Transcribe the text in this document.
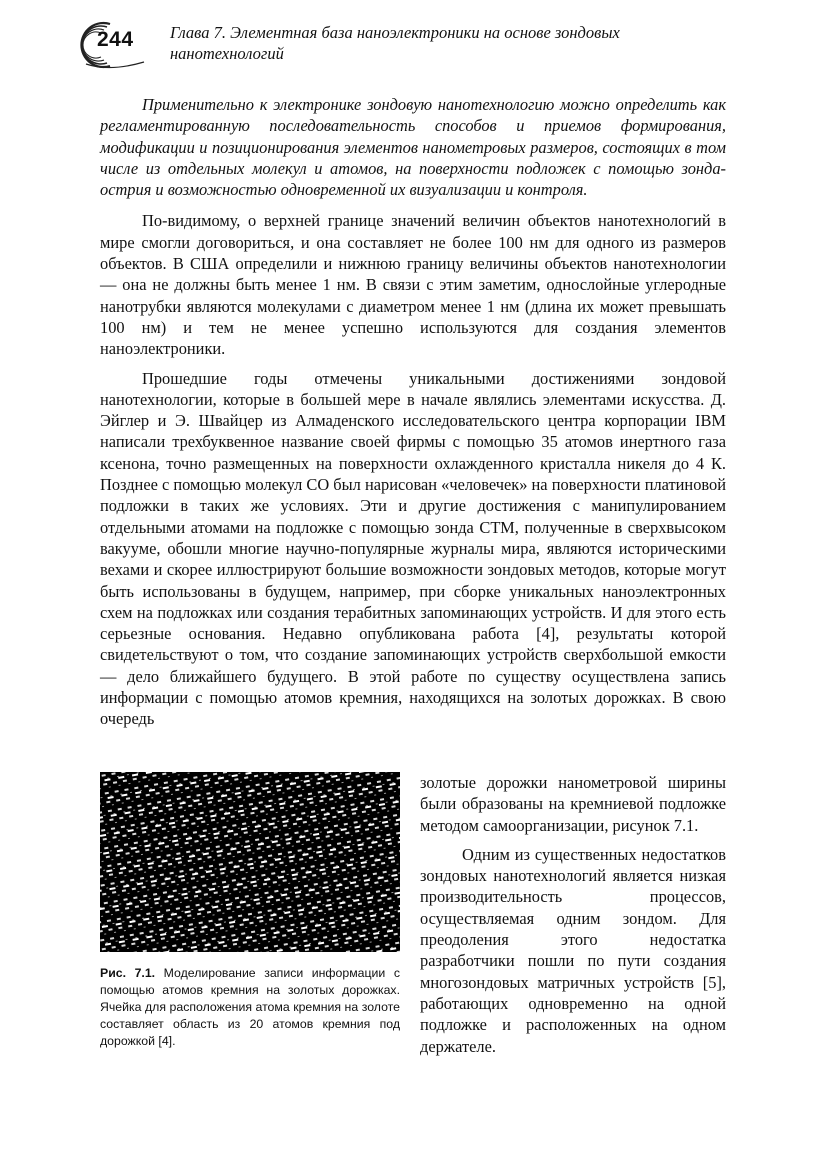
244 Глава 7. Элементная база наноэлектроники на основе зондовых нанотехнологий

Применительно к электронике зондовую нанотехнологию можно определить как регламентированную последовательность способов и приемов формирования, модификации и позиционирования элементов нанометровых размеров, состоящих в том числе из отдельных молекул и атомов, на поверхности подложек с помощью зонда-острия и возможностью одновременной их визуализации и контроля.

По-видимому, о верхней границе значений величин объектов нанотехнологий в мире смогли договориться, и она составляет не более 100 нм для одного из размеров объектов. В США определили и нижнюю границу величины объектов нанотехнологии — она не должны быть менее 1 нм. В связи с этим заметим, однослойные углеродные нанотрубки являются молекулами с диаметром менее 1 нм (длина их может превышать 100 нм) и тем не менее успешно используются для создания элементов наноэлектроники.

Прошедшие годы отмечены уникальными достижениями зондовой нанотехнологии, которые в большей мере в начале являлись элементами искусства. Д. Эйглер и Э. Швайцер из Алмаденского исследовательского центра корпорации IBM написали трехбуквенное название своей фирмы с помощью 35 атомов инертного газа ксенона, точно размещенных на поверхности охлажденного кристалла никеля до 4 К. Позднее с помощью молекул СО был нарисован «человечек» на поверхности платиновой подложки в таких же условиях. Эти и другие достижения с манипулированием отдельными атомами на подложке с помощью зонда СТМ, полученные в сверхвысоком вакууме, обошли многие научно-популярные журналы мира, являются историческими вехами и скорее иллюстрируют большие возможности зондовых методов, которые могут быть использованы в будущем, например, при сборке уникальных наноэлектронных схем на подложках или создания терабитных запоминающих устройств. И для этого есть серьезные основания. Недавно опубликована работа [4], результаты которой свидетельствуют о том, что создание запоминающих устройств сверхбольшой емкости — дело ближайшего будущего. В этой работе по существу осуществлена запись информации с помощью атомов кремния, находящихся на золотых дорожках. В свою очередь

Рис. 7.1. Моделирование записи информации с помощью атомов кремния на золотых дорожках. Ячейка для расположения атома кремния на золоте составляет область из 20 атомов кремния под дорожкой [4].

золотые дорожки нанометровой ширины были образованы на кремниевой подложке методом самоорганизации, рисунок 7.1.

Одним из существенных недостатков зондовых нанотехнологий является низкая производительность процессов, осуществляемая одним зондом. Для преодоления этого недостатка разработчики пошли по пути создания многозондовых матричных устройств [5], работающих одновременно на одной подложке и расположенных на одном держателе.
